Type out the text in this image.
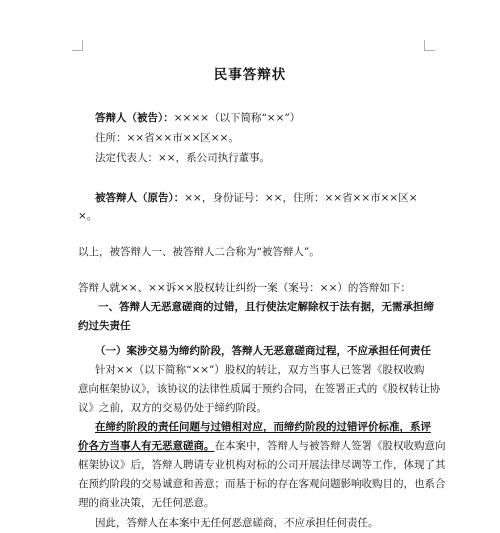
民事答辩状
答辩人（被告）：××××（以下简称“××”）
住所：××省××市××区××。
法定代表人：××，系公司执行董事。
被答辩人（原告）：××，身份证号：××，住所：××省××市××区×
×。
以上，被答辩人一、被答辩人二合称为“被答辩人”。
答辩人就××、××诉××股权转让纠纷一案（案号：××）的答辩如下：
一、答辩人无恶意磋商的过错，且行使法定解除权于法有据，无需承担缔
约过失责任
（一）案涉交易为缔约阶段，答辩人无恶意磋商过程，不应承担任何责任
针对××（以下简称“××”）股权的转让，双方当事人已签署《股权收购
意向框架协议》，该协议的法律性质属于预约合同，在签署正式的《股权转让协
议》之前，双方的交易仍处于缔约阶段。
在缔约阶段的责任问题与过错相对应，而缔约阶段的过错评价标准，系评
价各方当事人有无恶意磋商。在本案中，答辩人与被答辩人签署《股权收购意向
框架协议》后，答辩人聘请专业机构对标的公司开展法律尽调等工作，体现了其
在预约阶段的交易诚意和善意；而基于标的存在客观问题影响收购目的，也系合
理的商业决策，无任何恶意。
因此，答辩人在本案中无任何恶意磋商，不应承担任何责任。
